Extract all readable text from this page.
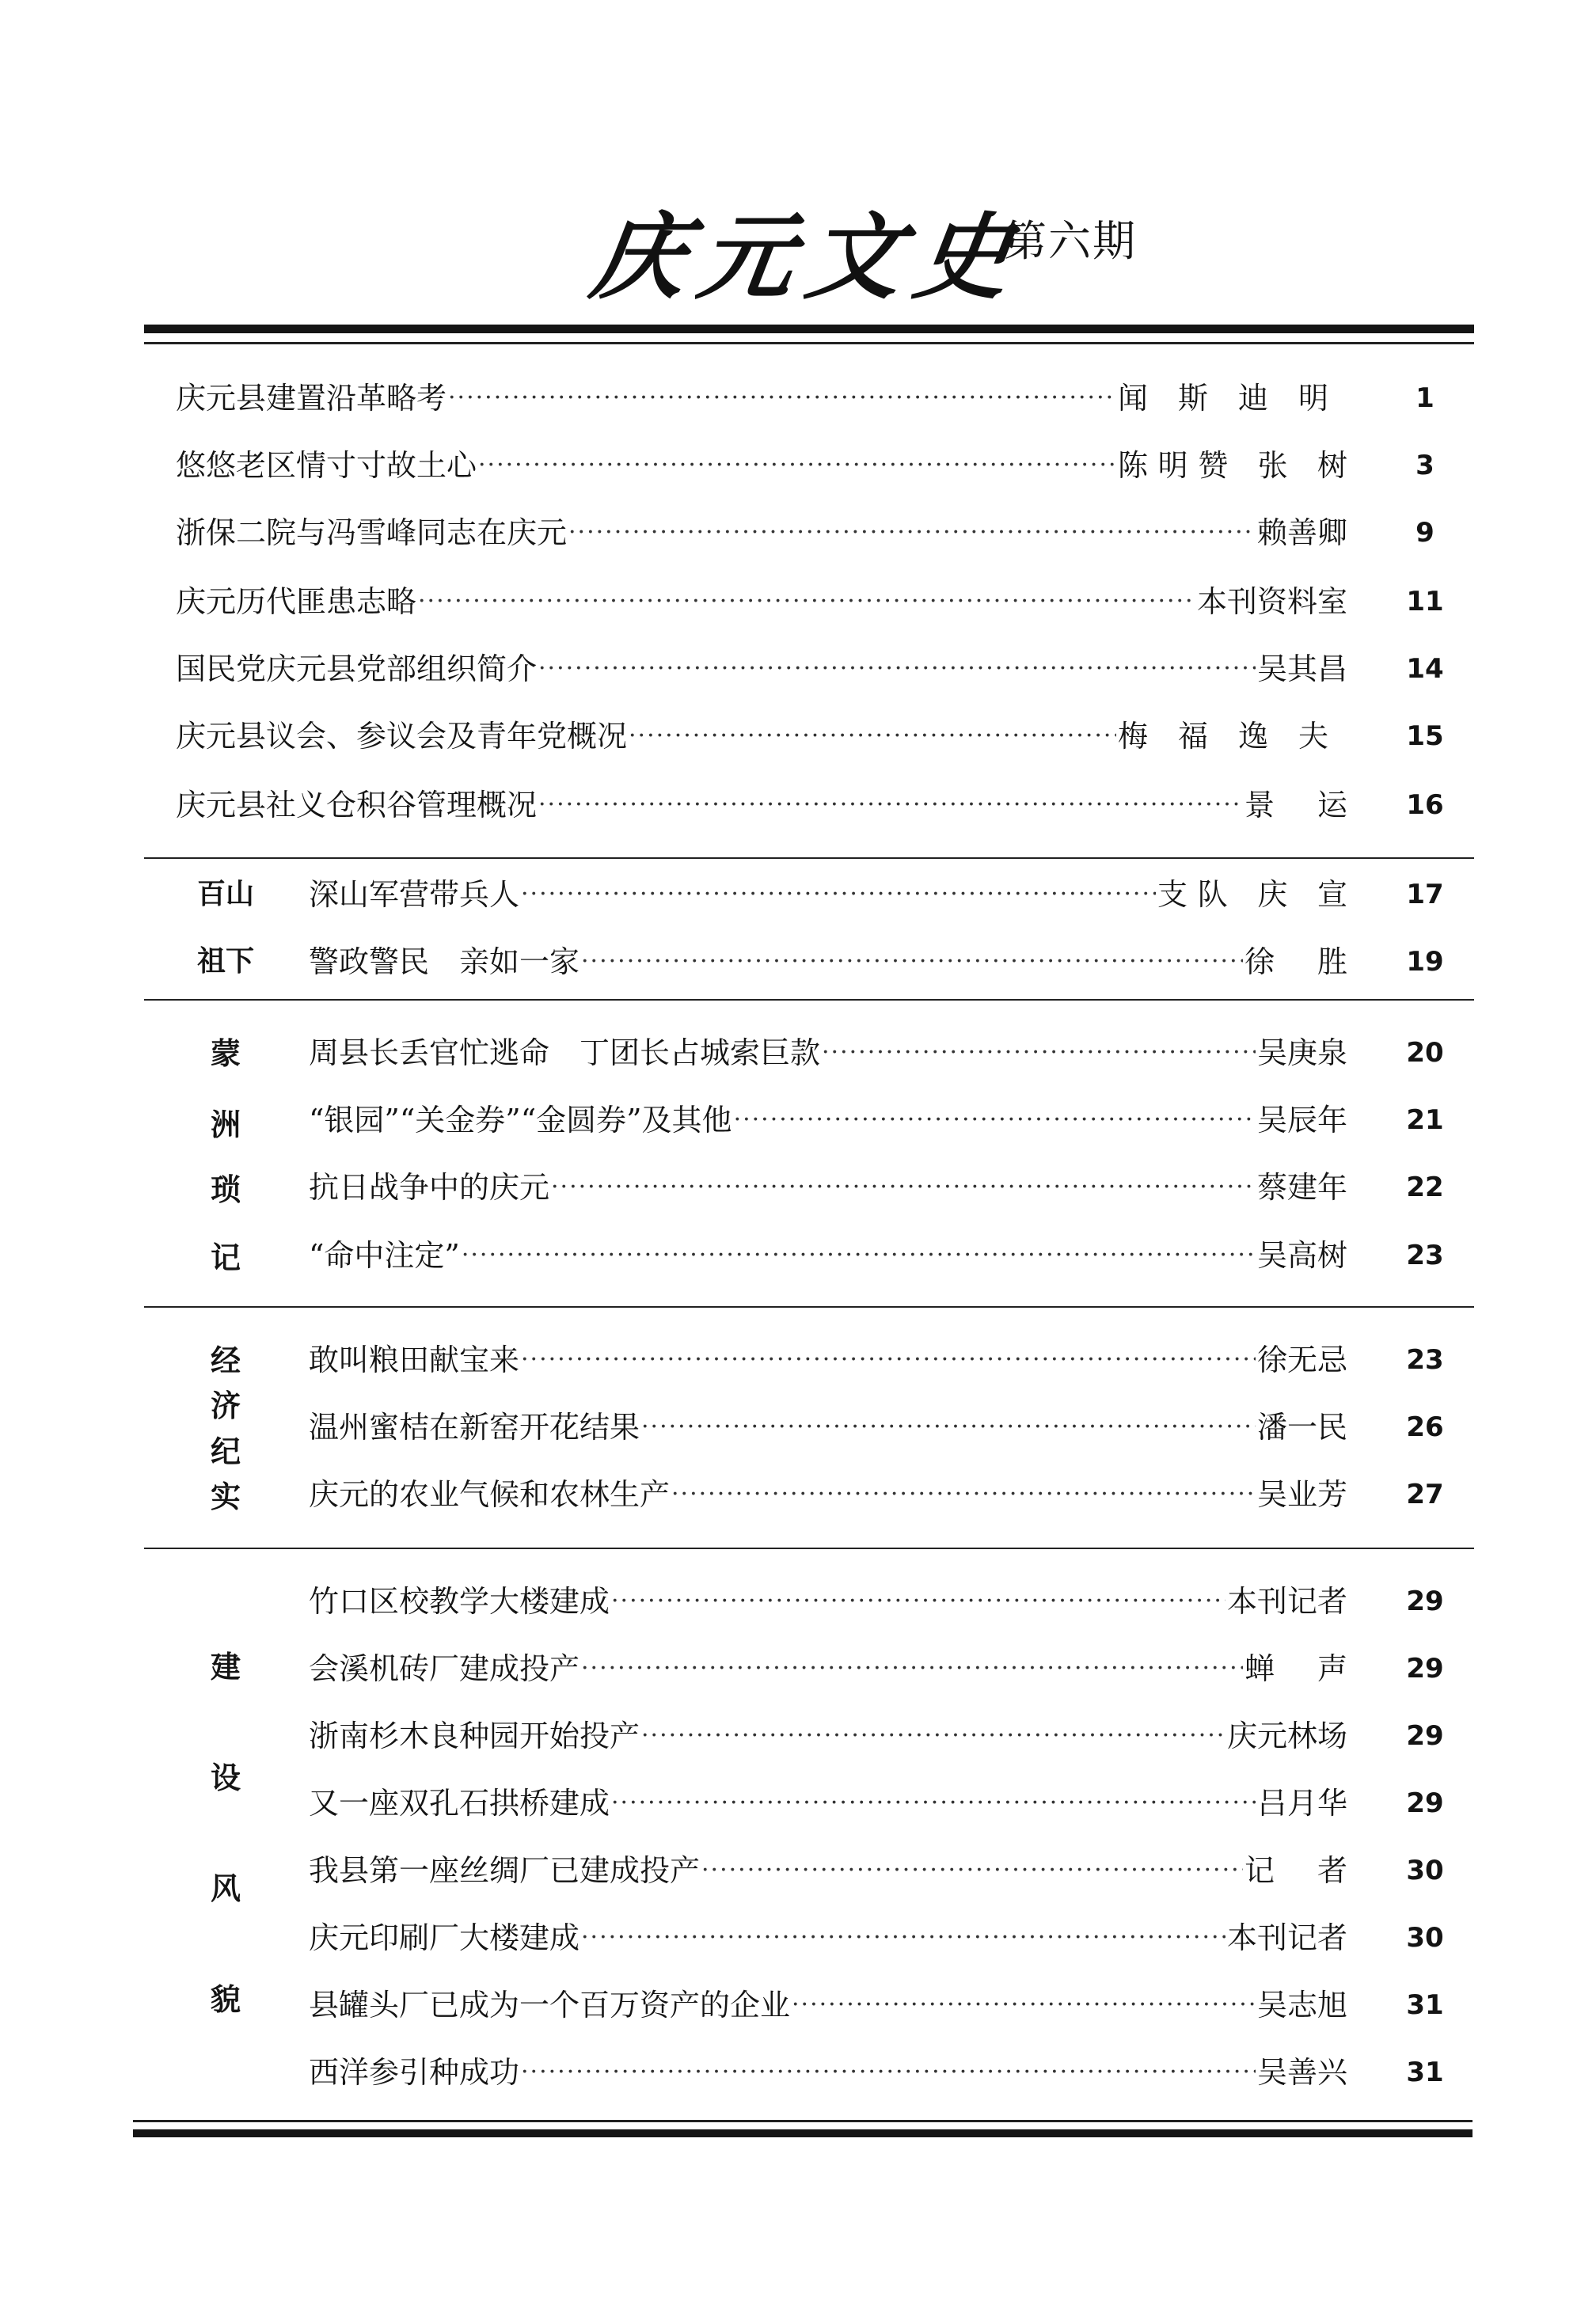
庆元文史
第六期
庆元县建置沿革略考 ·····	闻斯迪明	1
悠悠老区情寸寸故土心 ·····	陈明赞 张 树	3
浙保二院与冯雪峰同志在庆元 ·····	赖善卿	9
庆元历代匪患志略 ·····	本刊资料室	11
国民党庆元县党部组织简介 ·····	吴其昌	14
庆元县议会、参议会及青年党概况 ·····	梅福逸夫	15
庆元县社义仓积谷管理概况 ·····	景 运	16
百山
祖下
深山军营带兵人 ·····	支队 庆 宣	17
警政警民　亲如一家 ·····	徐 胜	19
蒙
洲
琐
记
周县长丢官忙逃命　丁团长占城索巨款 ·····	吴庚泉	20
“银园”“关金券”“金圆券”及其他 ·····	吴辰年	21
抗日战争中的庆元 ·····	蔡建年	22
“命中注定” ·····	吴高树	23
经
济
纪
实
敢叫粮田献宝来 ·····	徐无忌	23
温州蜜桔在新窑开花结果 ·····	潘一民	26
庆元的农业气候和农林生产 ·····	吴业芳	27
建
设
风
貌
竹口区校教学大楼建成 ·····	本刊记者	29
会溪机砖厂建成投产 ·····	蝉 声	29
浙南杉木良种园开始投产 ·····	庆元林场	29
又一座双孔石拱桥建成 ·····	吕月华	29
我县第一座丝绸厂已建成投产 ·····	记 者	30
庆元印刷厂大楼建成 ·····	本刊记者	30
县罐头厂已成为一个百万资产的企业 ·····	吴志旭	31
西洋参引种成功 ·····	吴善兴	31
